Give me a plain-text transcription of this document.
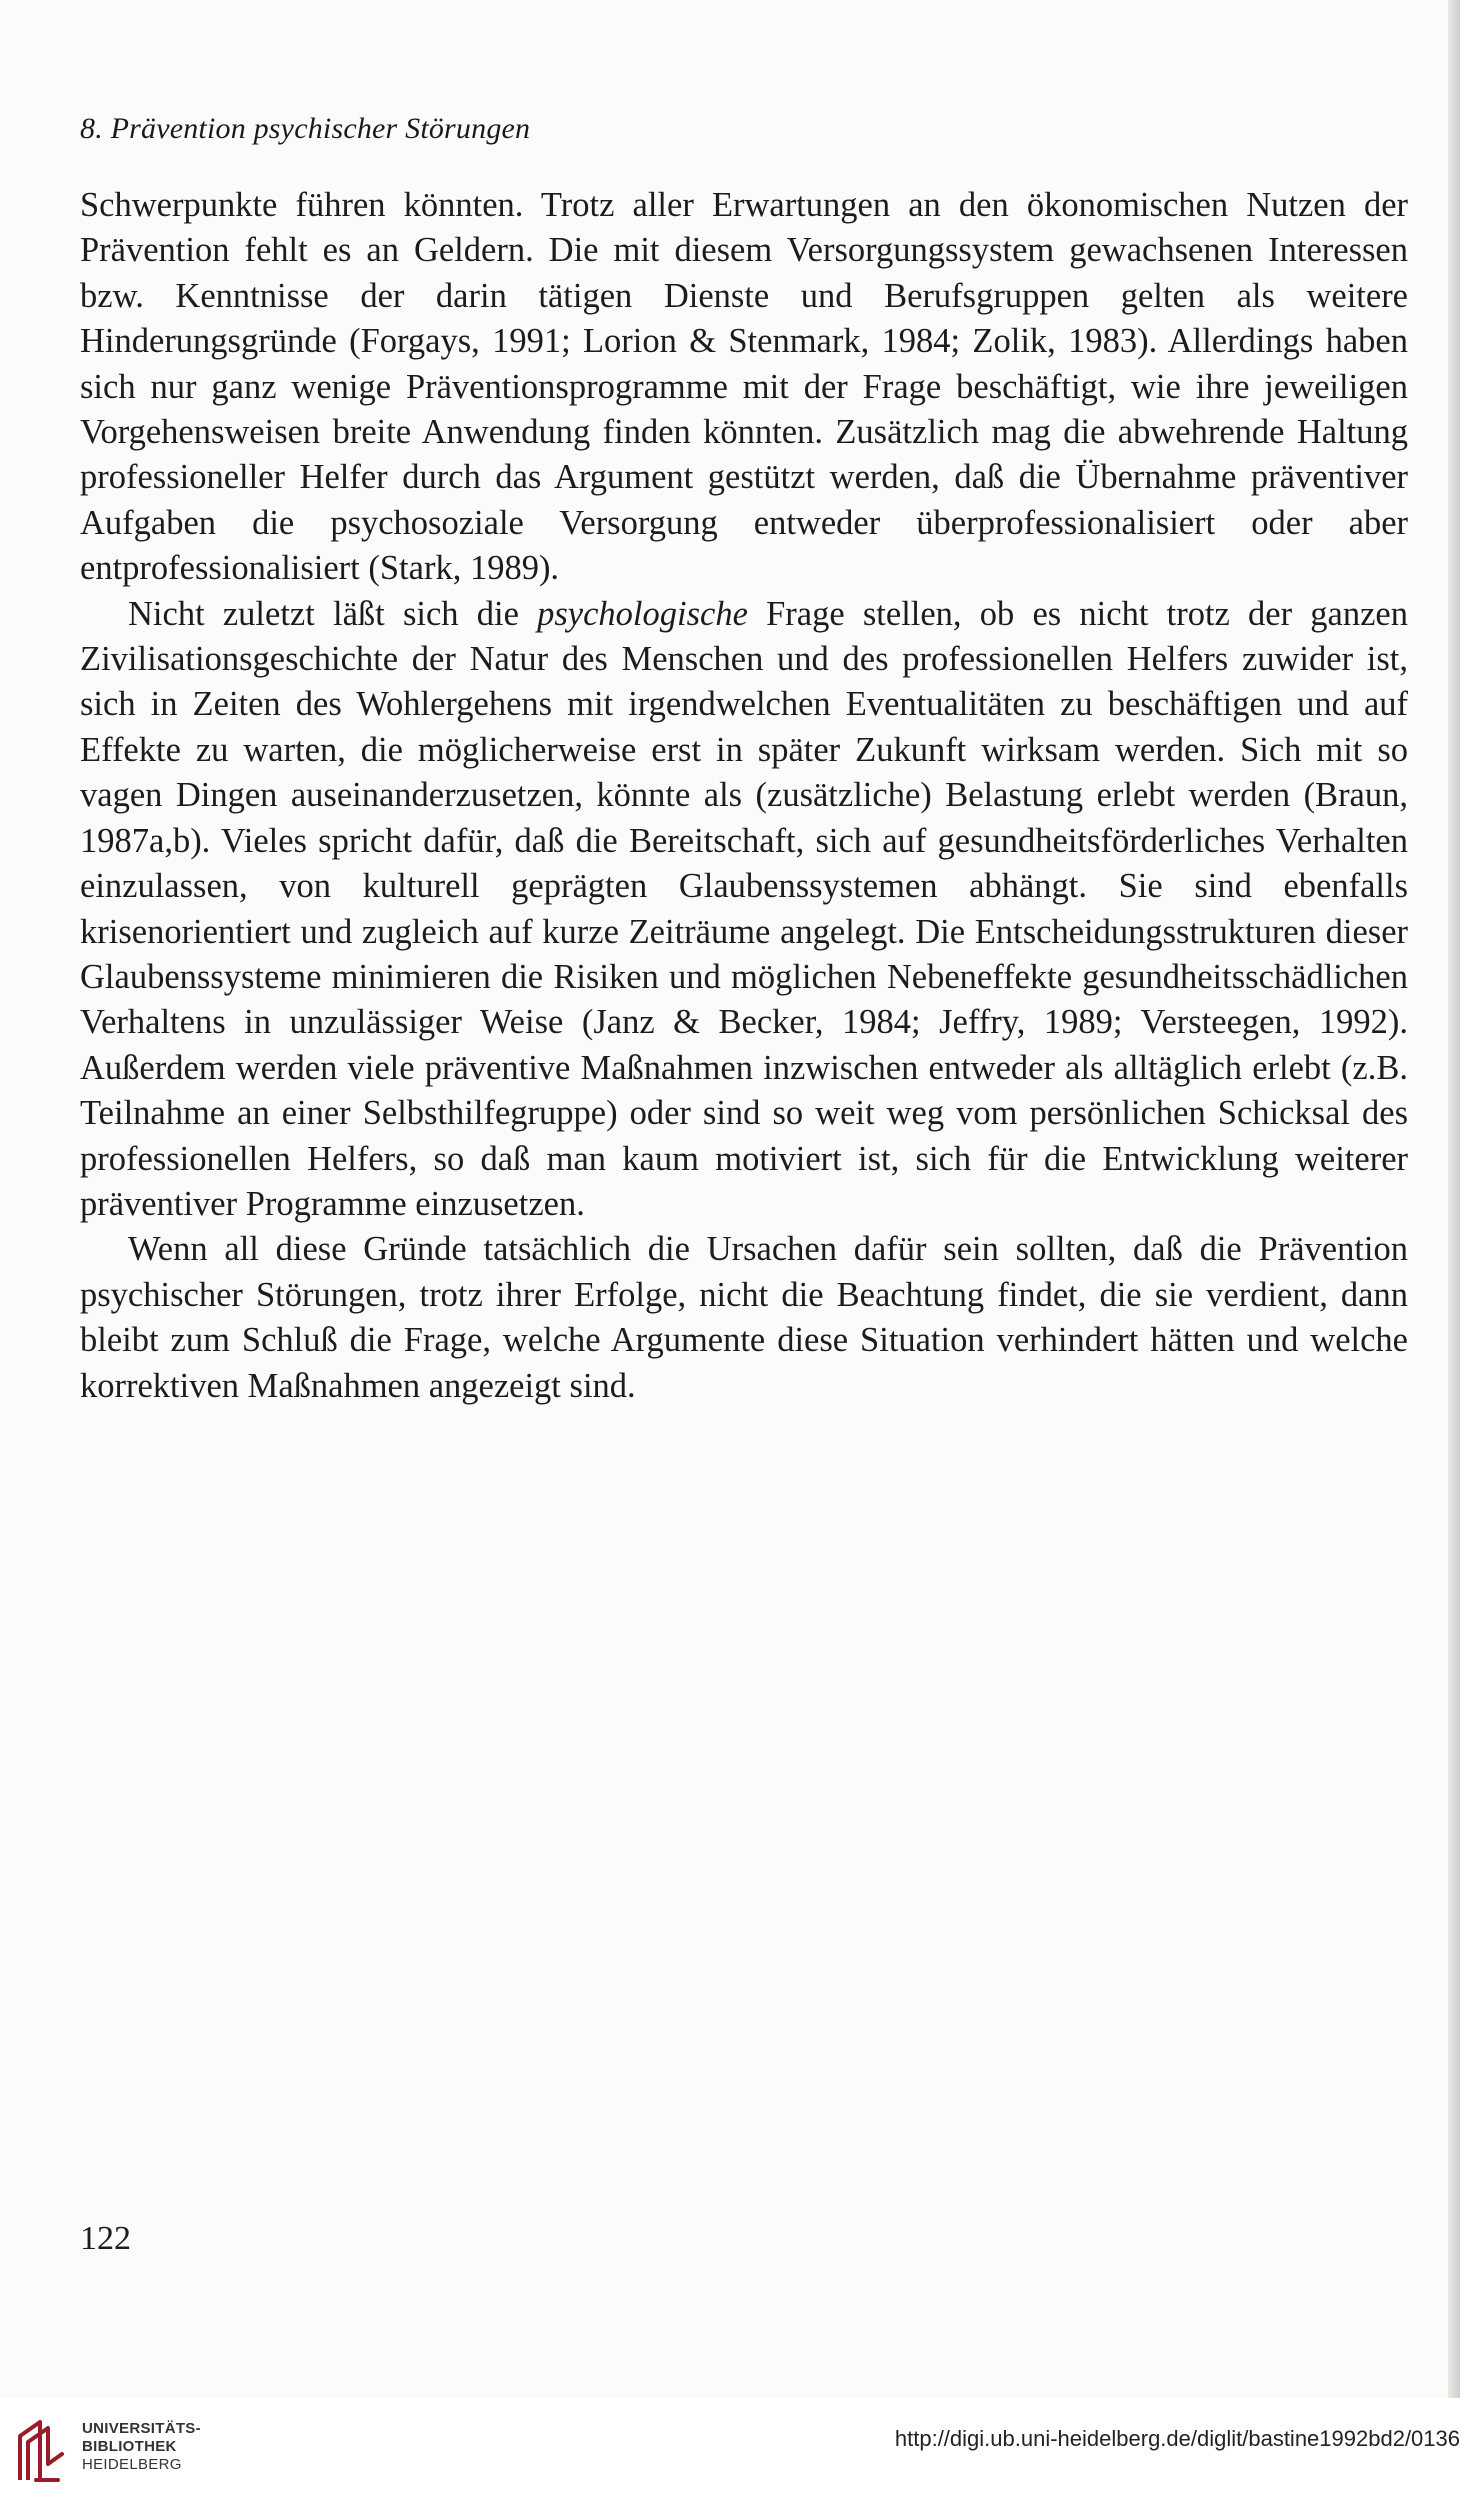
8. Prävention psychischer Störungen

Schwerpunkte führen könnten. Trotz aller Erwartungen an den ökonomischen Nutzen der Prävention fehlt es an Geldern. Die mit diesem Versorgungssystem gewachsenen Interessen bzw. Kenntnisse der darin tätigen Dienste und Berufsgruppen gelten als weitere Hinderungsgründe (Forgays, 1991; Lorion & Stenmark, 1984; Zolik, 1983). Allerdings haben sich nur ganz wenige Präventionsprogramme mit der Frage beschäftigt, wie ihre jeweiligen Vorgehensweisen breite Anwendung finden könnten. Zusätzlich mag die abwehrende Haltung professioneller Helfer durch das Argument gestützt werden, daß die Übernahme präventiver Aufgaben die psychosoziale Versorgung entweder überprofessionalisiert oder aber entprofessionalisiert (Stark, 1989).

Nicht zuletzt läßt sich die psychologische Frage stellen, ob es nicht trotz der ganzen Zivilisationsgeschichte der Natur des Menschen und des professionellen Helfers zuwider ist, sich in Zeiten des Wohlergehens mit irgendwelchen Eventualitäten zu beschäftigen und auf Effekte zu warten, die möglicherweise erst in später Zukunft wirksam werden. Sich mit so vagen Dingen auseinanderzusetzen, könnte als (zusätzliche) Belastung erlebt werden (Braun, 1987a,b). Vieles spricht dafür, daß die Bereitschaft, sich auf gesundheitsförderliches Verhalten einzulassen, von kulturell geprägten Glaubenssystemen abhängt. Sie sind ebenfalls krisenorientiert und zugleich auf kurze Zeiträume angelegt. Die Entscheidungsstrukturen dieser Glaubenssysteme minimieren die Risiken und möglichen Nebeneffekte gesundheitsschädlichen Verhaltens in unzulässiger Weise (Janz & Becker, 1984; Jeffry, 1989; Versteegen, 1992). Außerdem werden viele präventive Maßnahmen inzwischen entweder als alltäglich erlebt (z.B. Teilnahme an einer Selbsthilfegruppe) oder sind so weit weg vom persönlichen Schicksal des professionellen Helfers, so daß man kaum motiviert ist, sich für die Entwicklung weiterer präventiver Programme einzusetzen.

Wenn all diese Gründe tatsächlich die Ursachen dafür sein sollten, daß die Prävention psychischer Störungen, trotz ihrer Erfolge, nicht die Beachtung findet, die sie verdient, dann bleibt zum Schluß die Frage, welche Argumente diese Situation verhindert hätten und welche korrektiven Maßnahmen angezeigt sind.

122
UNIVERSITÄTS-
BIBLIOTHEK
HEIDELBERG
http://digi.ub.uni-heidelberg.de/diglit/bastine1992bd2/0136
